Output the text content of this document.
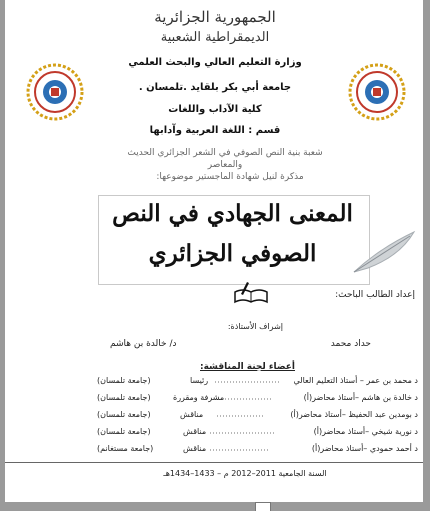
الجمهورية الجزائرية
الديمقراطية الشعبية
وزارة التعليم العالي والبحث العلمي
جامعة أبي بكر بلقايد .تلمسان .
كلية الآداب واللغات
قسم : اللغة العربية وآدابها
شعبة بنية النص الصوفي في الشعر الجزائري الحديث
والمعاصر
مذكرة لنيل شهادة الماجستير موضوعها:
المعنى الجهادي في النص
الصوفي الجزائري
إعداد الطالب الباحث:
إشراف الأستاذة:
حداد محمد
د/ خالدة بن هاشم
أعضاء لجنة المناقشة:
د محمد بن عمر – أستاذ التعليم العالي
رئيسا
(جامعة تلمسان)
د خالدة بن هاشم –أستاذ محاضر(أ)
مشرفة ومقررة
(جامعة تلمسان)
د بومدين عبد الحفيظ –أستاذ محاضر(أ)
مناقش
(جامعة تلمسان)
د نورية شيخي –أستاذ محاضر(أ)
مناقش
(جامعة تلمسان)
د أحمد حمودي –أستاذ محاضر(أ)
مناقش
(جامعة مستغانم)
السنة الجامعية 2011–2012 م – 1433–1434هـ
